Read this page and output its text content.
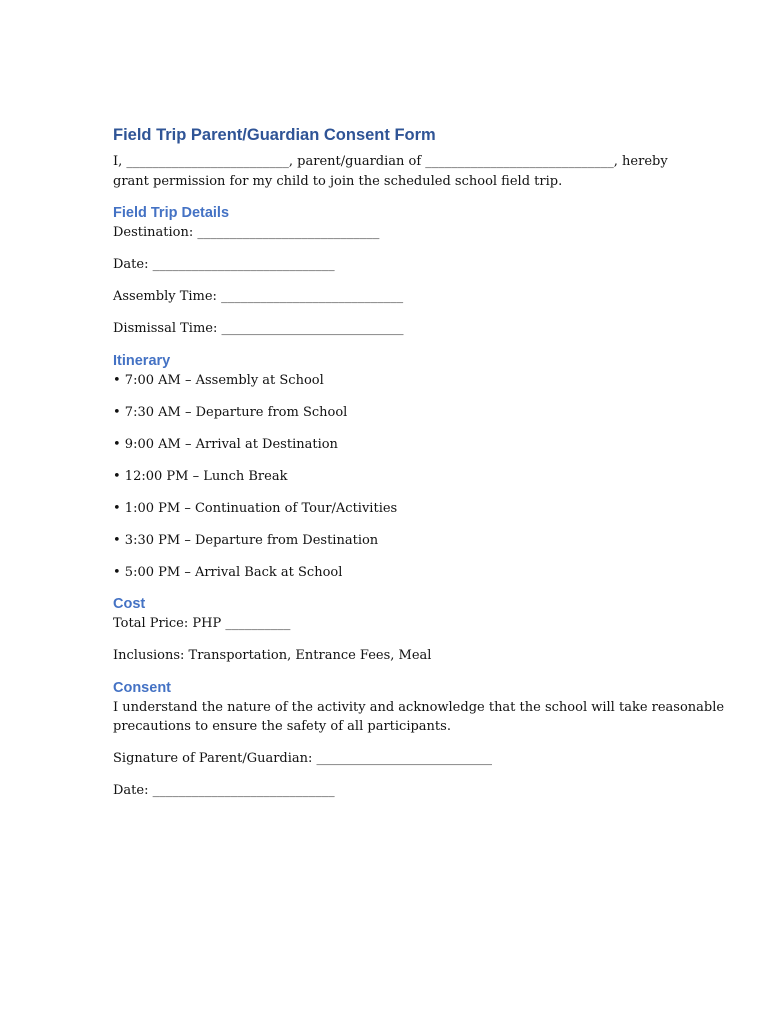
Field Trip Parent/Guardian Consent Form

I, _________________________, parent/guardian of _____________________________, hereby

grant permission for my child to join the scheduled school field trip.

Field Trip Details

Destination: ____________________________

Date: ____________________________

Assembly Time: ____________________________

Dismissal Time: ____________________________

Itinerary

• 7:00 AM – Assembly at School

• 7:30 AM – Departure from School

• 9:00 AM – Arrival at Destination

• 12:00 PM – Lunch Break

• 1:00 PM – Continuation of Tour/Activities

• 3:30 PM – Departure from Destination

• 5:00 PM – Arrival Back at School

Cost

Total Price: PHP __________

Inclusions: Transportation, Entrance Fees, Meal

Consent

I understand the nature of the activity and acknowledge that the school will take reasonable

precautions to ensure the safety of all participants.

Signature of Parent/Guardian: ___________________________

Date: ____________________________
